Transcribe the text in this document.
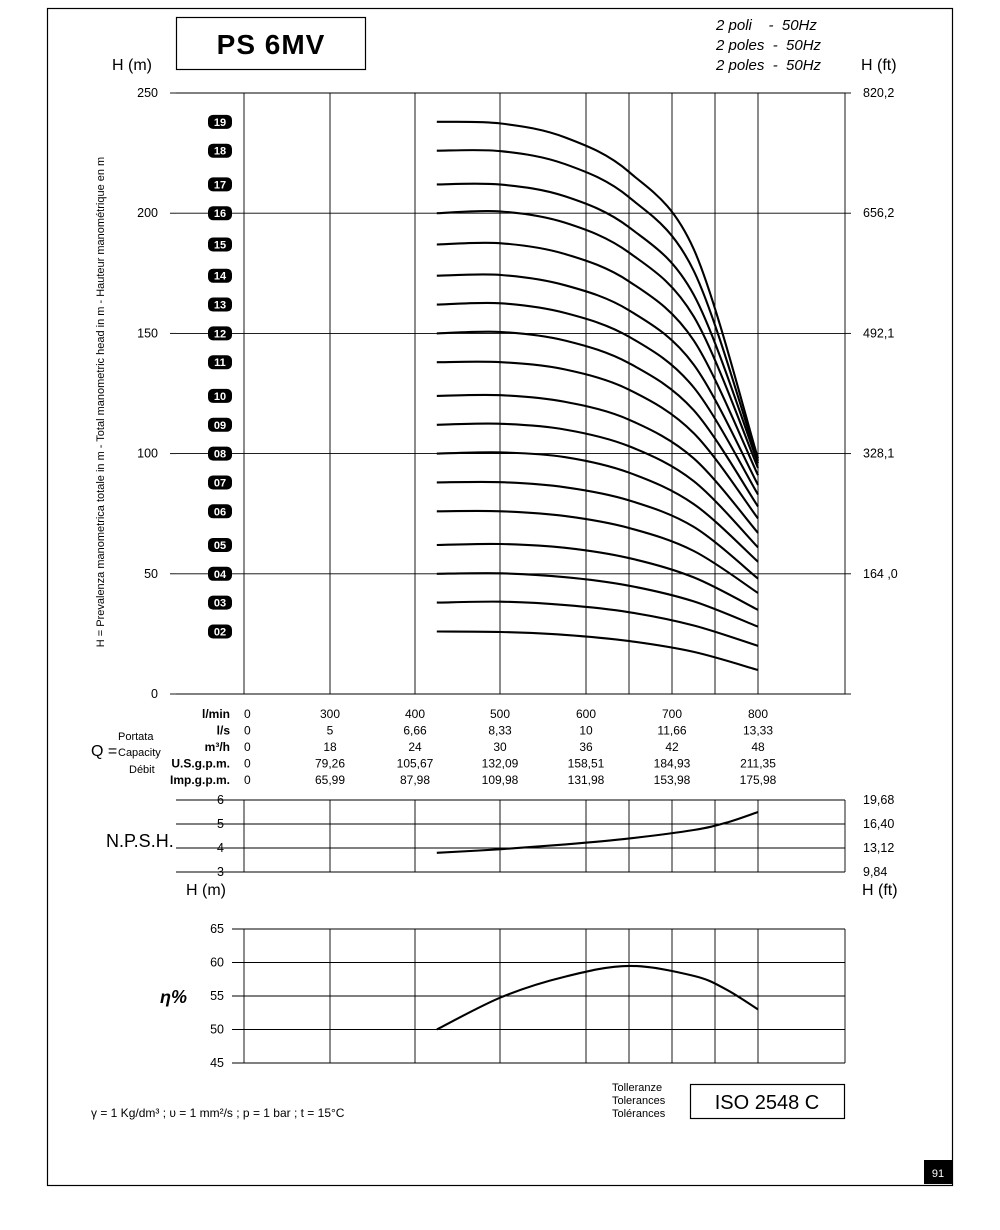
PS 6MV
2 poli    -  50Hz
2 poles  -  50Hz
2 poles  -  50Hz
H (m)	H (ft)
02
03
04
05
06
07
08
09
10
11
12
13
14
15
16
17
18
19
0
50
100
150
200
250
164 ,0
328,1
492,1
656,2
820,2
H = Prevalenza manometrica totale in m - Total manometric head in m - Hauteur manométrique en m
l/min 0	300	400	500	600	700	800
l/s 0	5	6,66	8,33	10	11,66	13,33
m³/h 0	18	24	30	36	42	48
U.S.g.p.m. 0	79,26	105,67	132,09	158,51	184,93	211,35
Imp.g.p.m. 0	65,99	87,98	109,98	131,98	153,98	175,98
Portata
Q = Capacity
Débit
3
4
5
6
9,84
13,12
16,40
19,68
N.P.S.H.
H (m)	H (ft)
45
50
55
60
65
η%
γ = 1 Kg/dm³ ; υ = 1 mm²/s ; p = 1 bar ; t = 15°C
Tolleranze
Tolerances
Tolérances ISO 2548 C
91
